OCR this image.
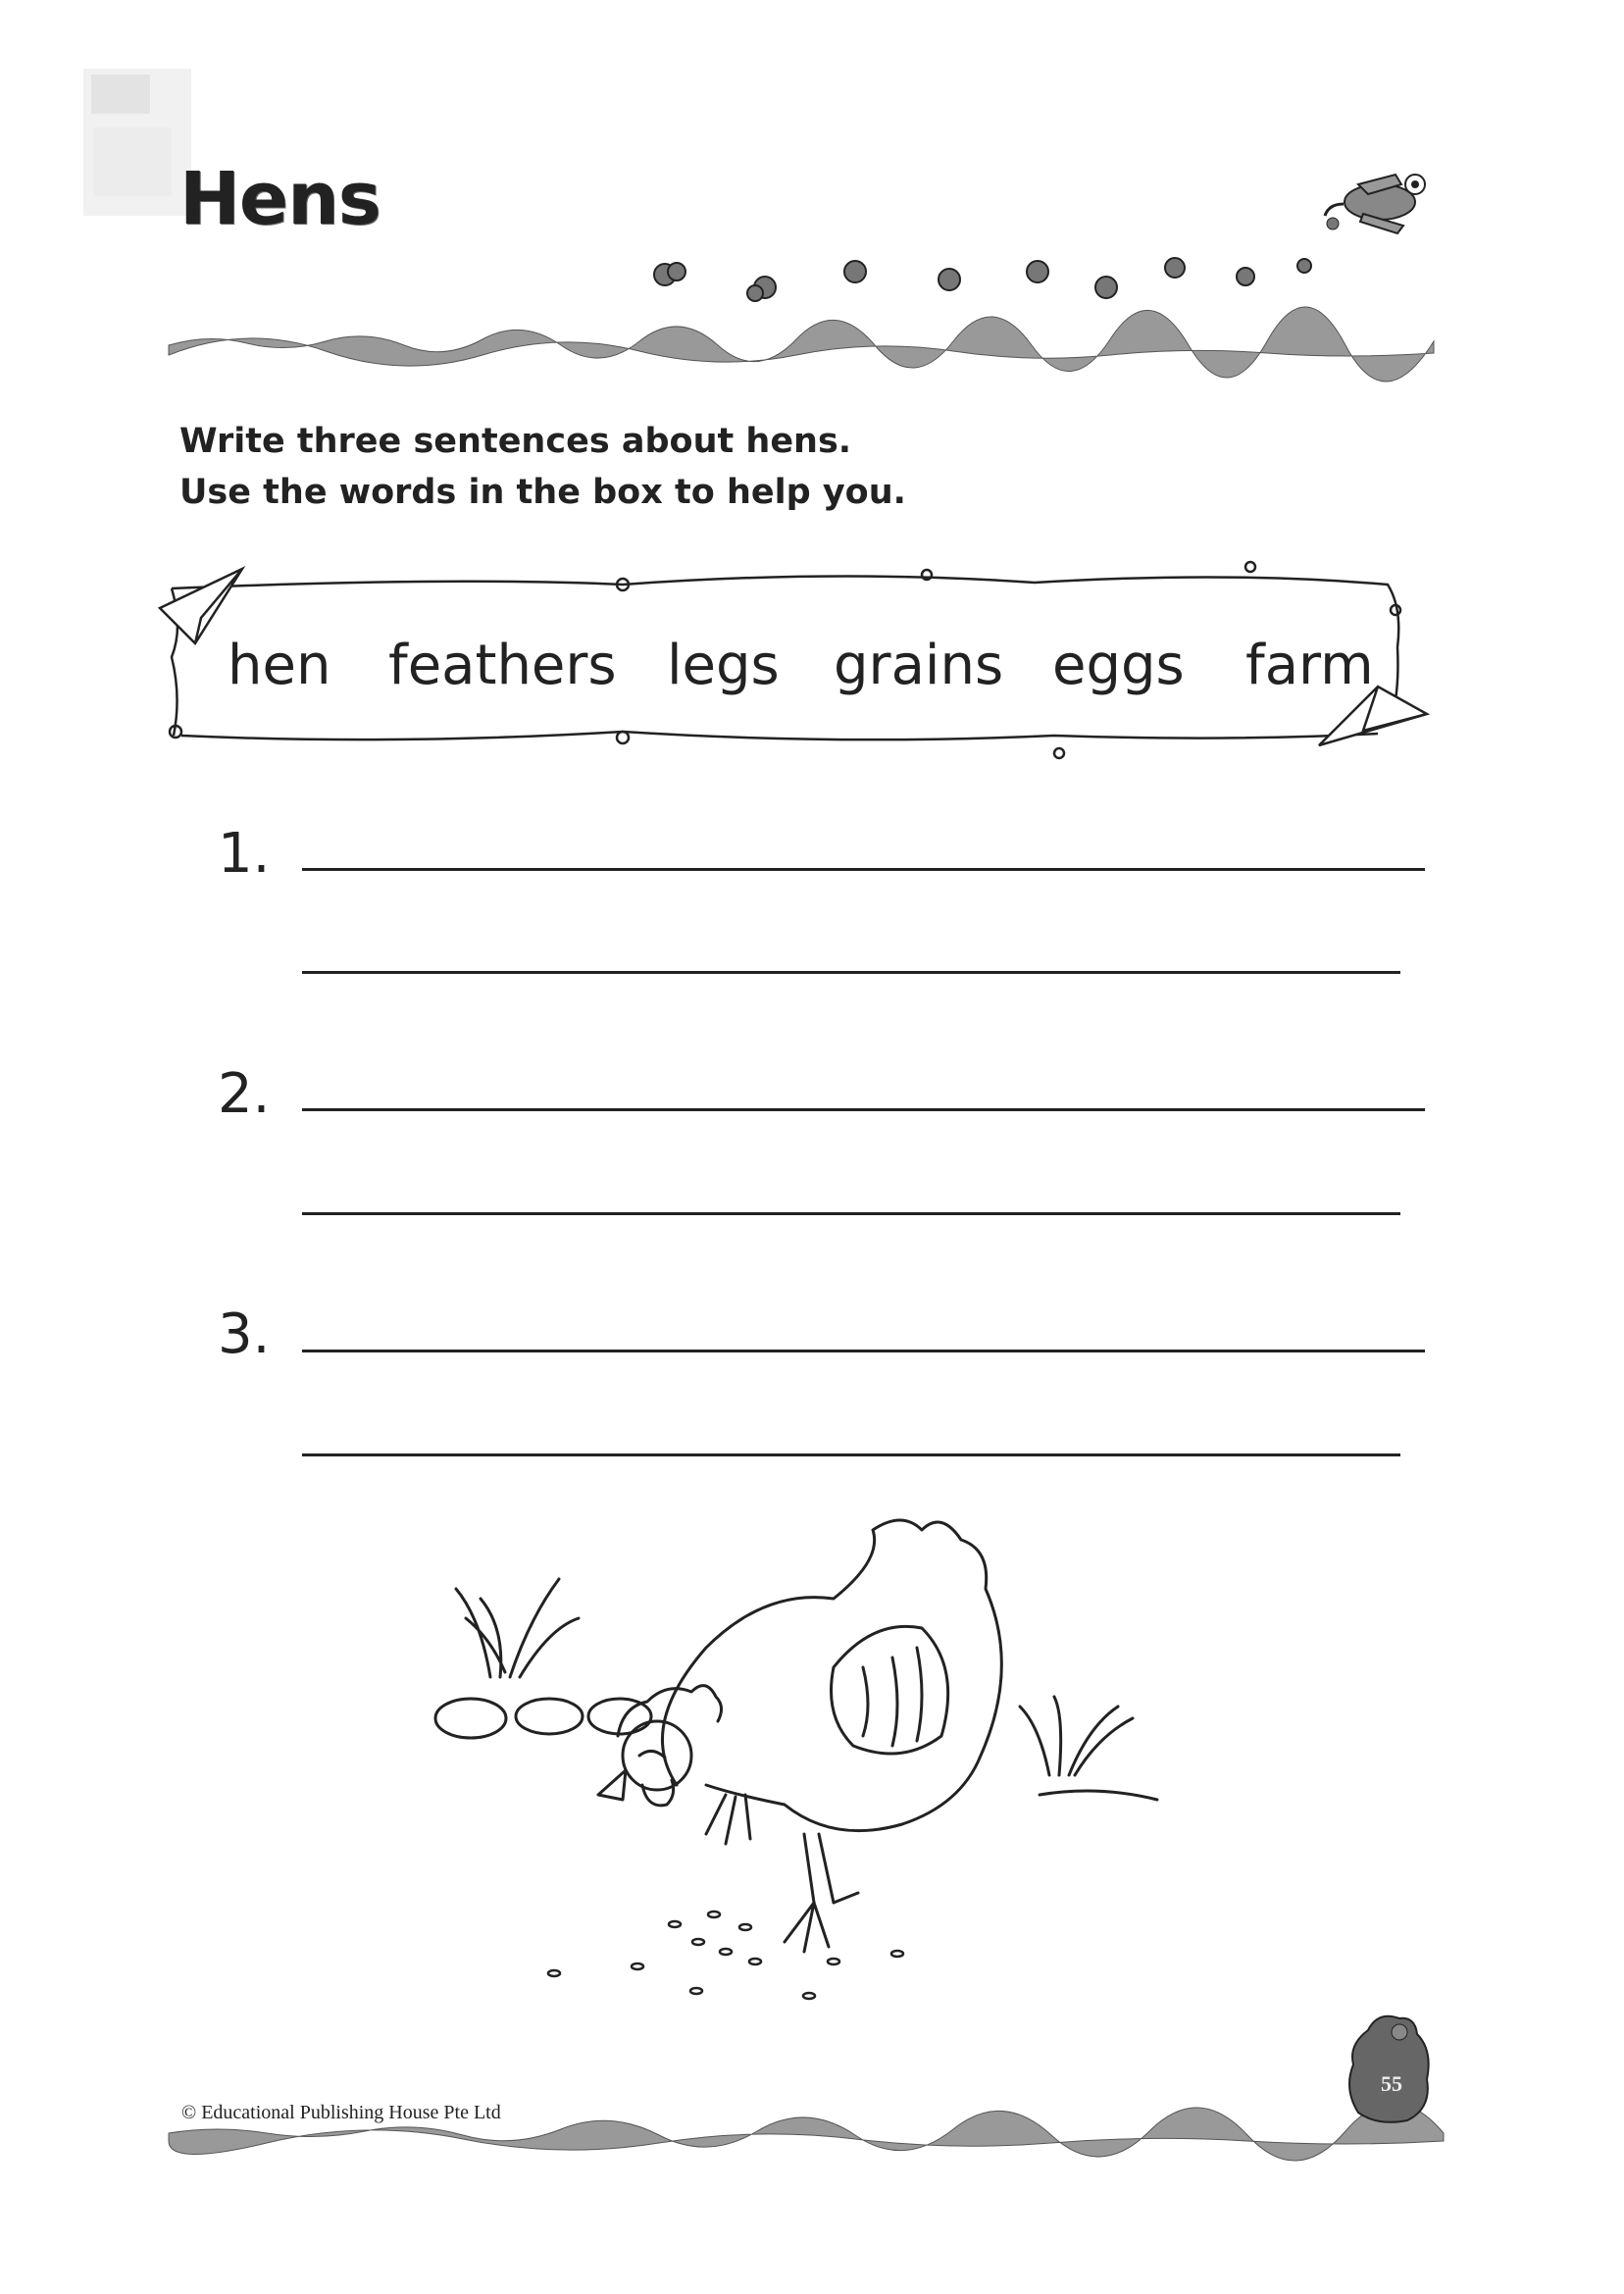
Hens
Write three sentences about hens.
Use the words in the box to help you.
hen feathers legs grains eggs farm
1.
2.
3.
© Educational Publishing House Pte Ltd
55
